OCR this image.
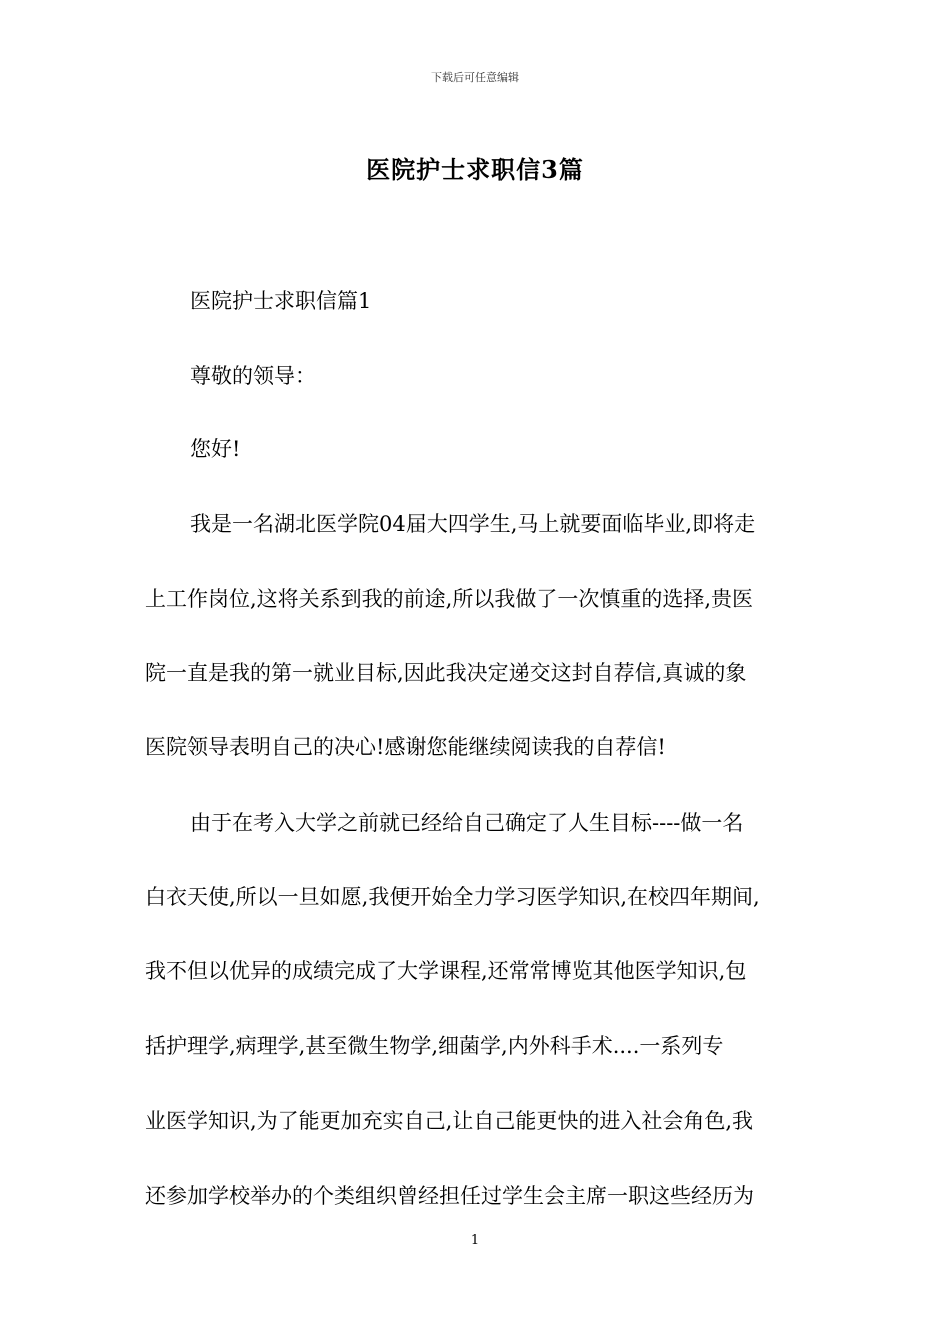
下载后可任意编辑
医院护士求职信3篇
医院护士求职信篇1
尊敬的领导：
您好!
我是一名湖北医学院04届大四学生,马上就要面临毕业,即将走
上工作岗位,这将关系到我的前途,所以我做了一次慎重的选择,贵医
院一直是我的第一就业目标,因此我决定递交这封自荐信,真诚的象
医院领导表明自己的决心!感谢您能继续阅读我的自荐信!
由于在考入大学之前就已经给自己确定了人生目标----做一名
白衣天使,所以一旦如愿,我便开始全力学习医学知识,在校四年期间,
我不但以优异的成绩完成了大学课程,还常常博览其他医学知识,包
括护理学,病理学,甚至微生物学,细菌学,内外科手术....一系列专
业医学知识,为了能更加充实自己,让自己能更快的进入社会角色,我
还参加学校举办的个类组织曾经担任过学生会主席一职这些经历为
1
